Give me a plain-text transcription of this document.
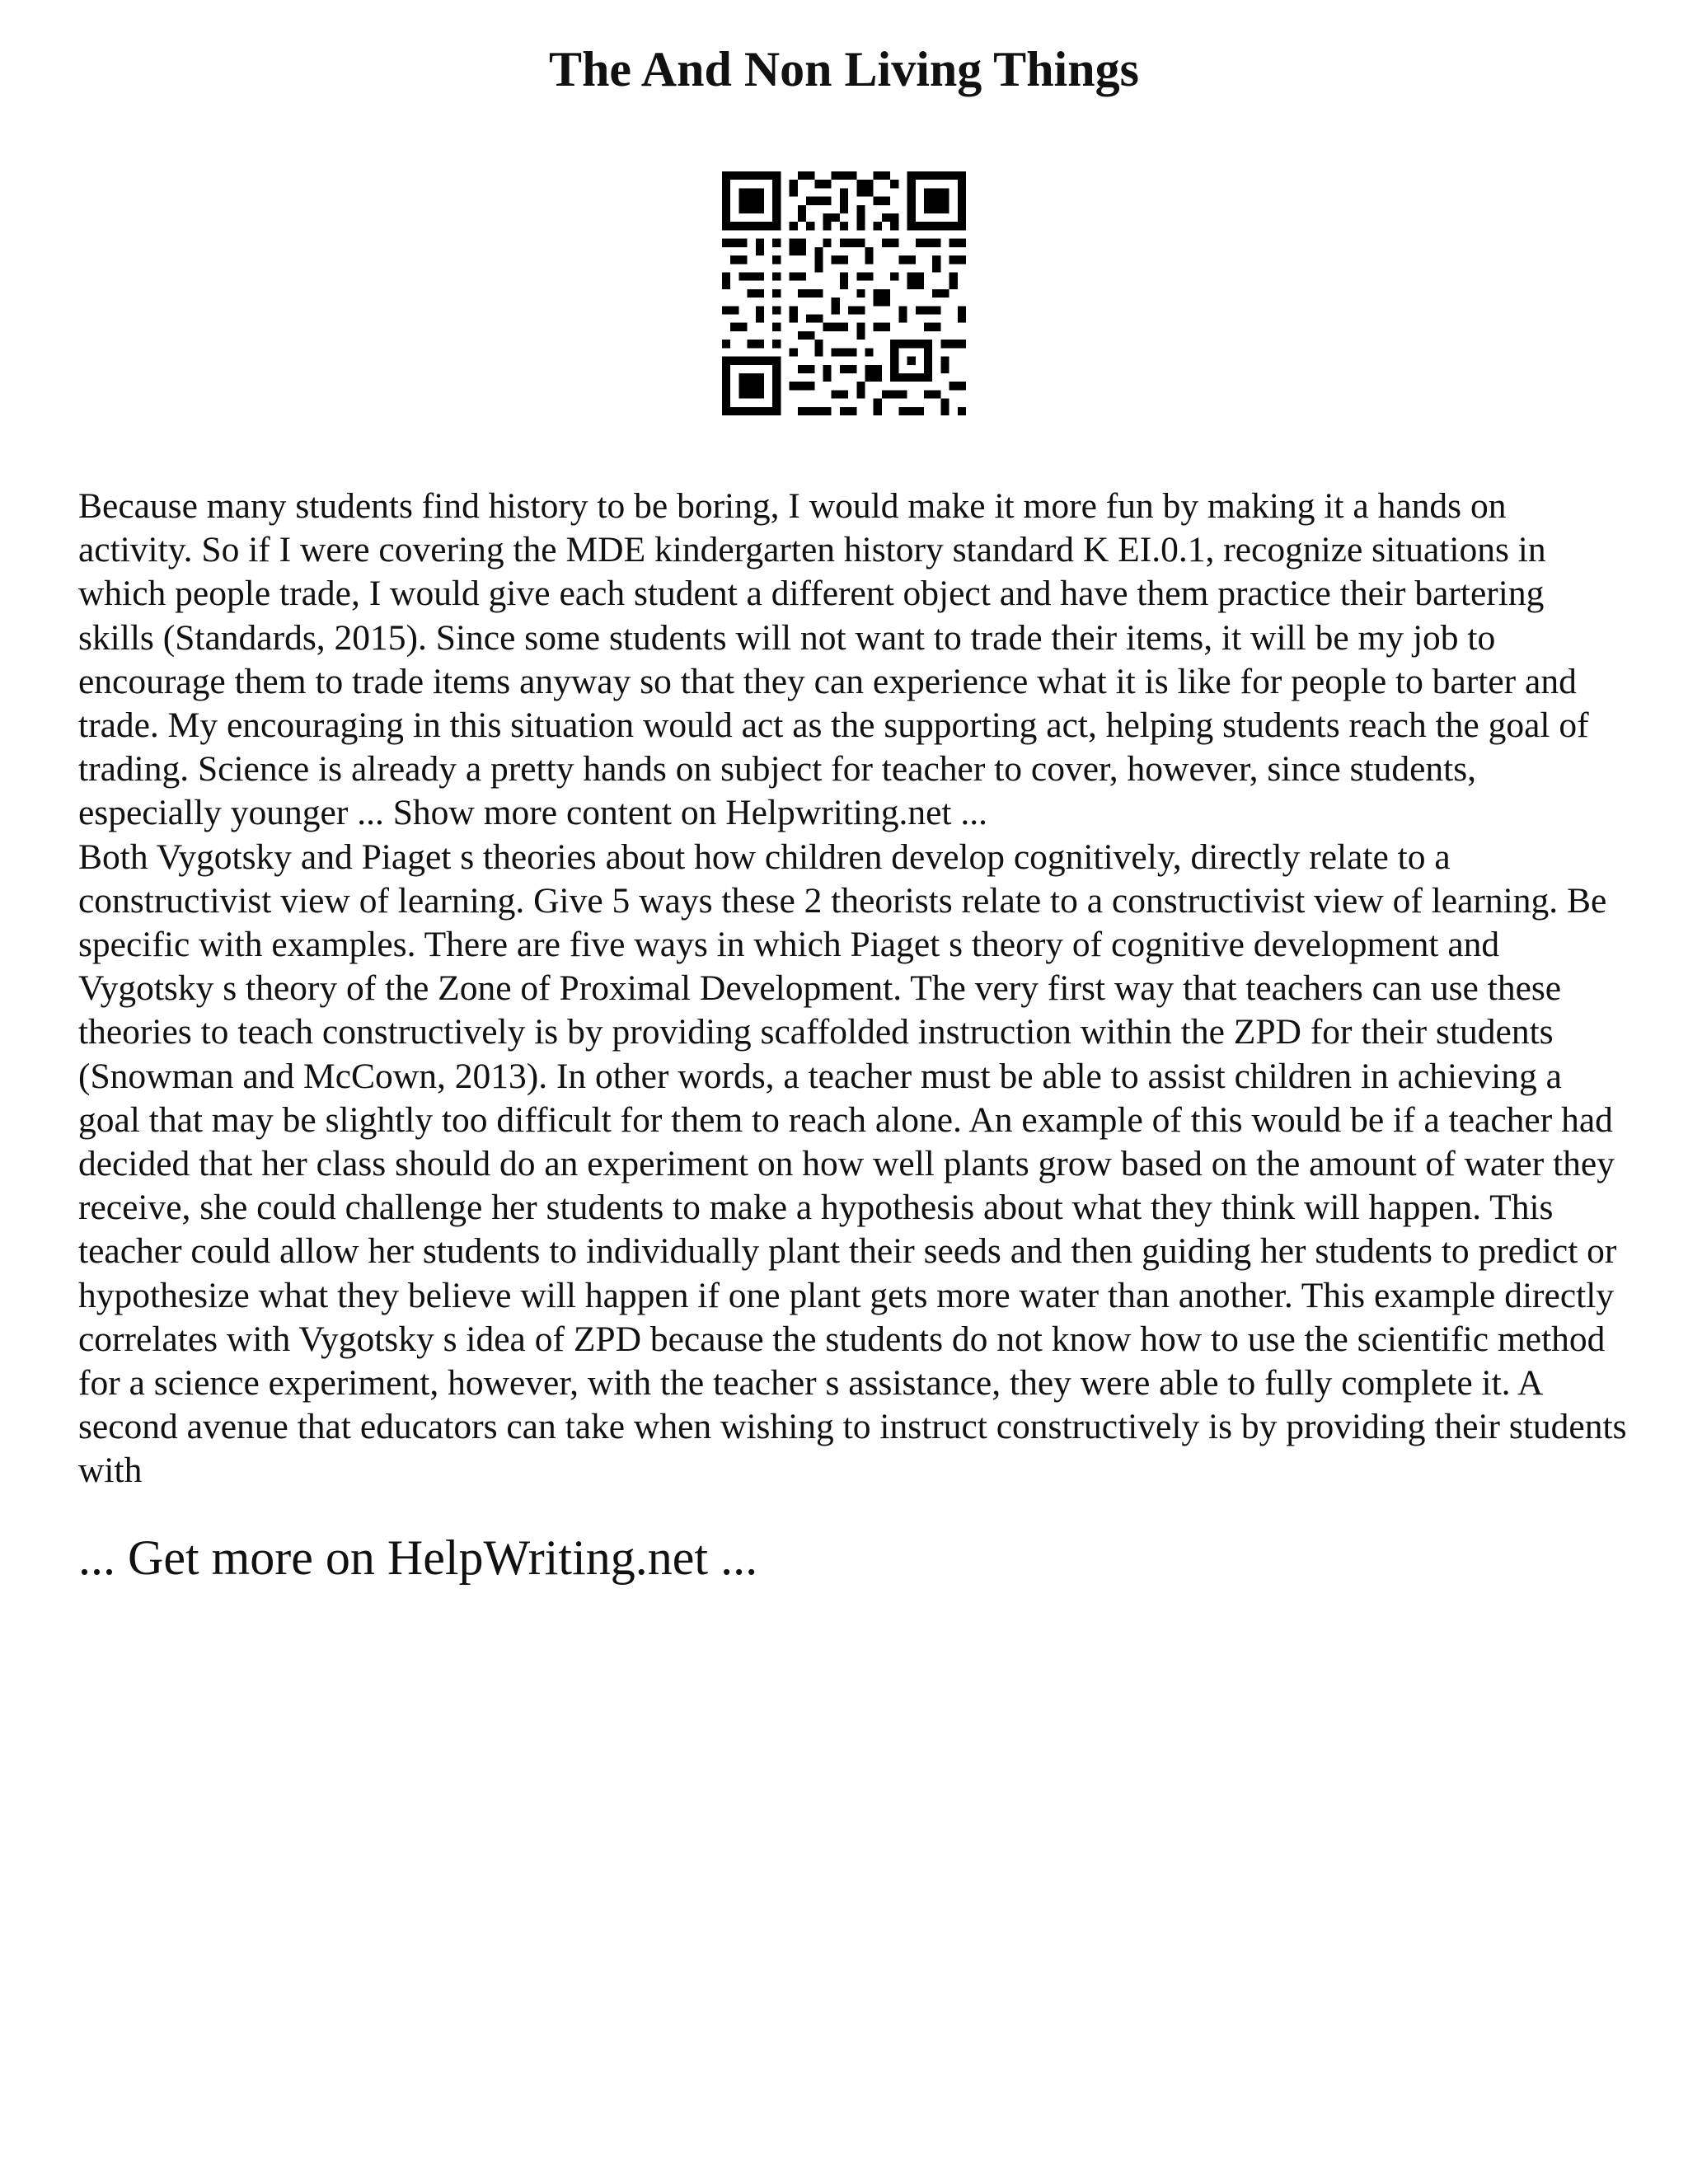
The And Non Living Things

Because many students find history to be boring, I would make it more fun by making it a hands on activity. So if I were covering the MDE kindergarten history standard K EI.0.1, recognize situations in which people trade, I would give each student a different object and have them practice their bartering skills (Standards, 2015). Since some students will not want to trade their items, it will be my job to encourage them to trade items anyway so that they can experience what it is like for people to barter and trade. My encouraging in this situation would act as the supporting act, helping students reach the goal of trading. Science is already a pretty hands on subject for teacher to cover, however, since students, especially younger ... Show more content on Helpwriting.net ...

Both Vygotsky and Piaget s theories about how children develop cognitively, directly relate to a constructivist view of learning. Give 5 ways these 2 theorists relate to a constructivist view of learning. Be specific with examples. There are five ways in which Piaget s theory of cognitive development and Vygotsky s theory of the Zone of Proximal Development. The very first way that teachers can use these theories to teach constructively is by providing scaffolded instruction within the ZPD for their students (Snowman and McCown, 2013). In other words, a teacher must be able to assist children in achieving a goal that may be slightly too difficult for them to reach alone. An example of this would be if a teacher had decided that her class should do an experiment on how well plants grow based on the amount of water they receive, she could challenge her students to make a hypothesis about what they think will happen. This teacher could allow her students to individually plant their seeds and then guiding her students to predict or hypothesize what they believe will happen if one plant gets more water than another. This example directly correlates with Vygotsky s idea of ZPD because the students do not know how to use the scientific method for a science experiment, however, with the teacher s assistance, they were able to fully complete it. A second avenue that educators can take when wishing to instruct constructively is by providing their students with

... Get more on HelpWriting.net ...
